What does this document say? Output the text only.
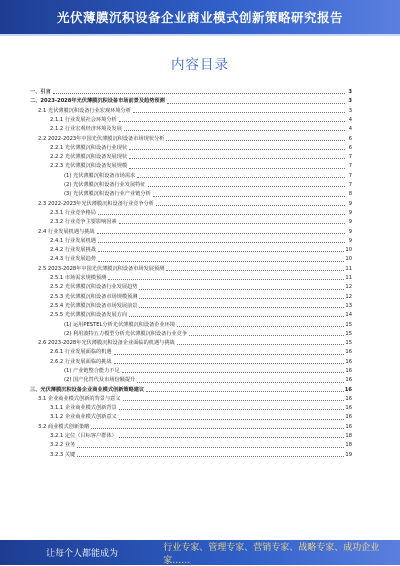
光伏薄膜沉积设备企业商业模式创新策略研究报告
内容目录
一、引言	3
二、2023-2028年光伏薄膜沉积设备市场前景及趋势预测	3
2.1 光伏薄膜沉积设备行业宏观环境分析	3
2.1.1 行业发展社会环境分析	4
2.1.2 行业宏观经济环境及发展	4
2.2 2022-2023年中国光伏薄膜沉积设备市场现状分析	6
2.2.1 光伏薄膜沉积设备行业现状	6
2.2.2 光伏薄膜沉积设备发展现状	7
2.2.3 光伏薄膜沉积设备发展规模	7
(1) 光伏薄膜沉积设备市场需求	7
(2) 光伏薄膜沉积设备行业发展特征	7
(3) 光伏薄膜沉积设备行业产业链分析	8
2.3 2022-2023年光伏薄膜沉积设备行业竞争分析	9
2.3.1 行业竞争格局	9
2.3.2 行业竞争主要影响因素	9
2.4 行业发展机遇与挑战	9
2.4.1 行业发展机遇	9
2.4.2 行业发展挑战	10
2.4.3 行业发展趋势	10
2.5 2023-2028年中国光伏薄膜沉积设备市场发展预测	11
2.5.1 市场需求规模预测	11
2.5.2 光伏薄膜沉积设备行业发展趋势	12
2.5.3 光伏薄膜沉积设备市场规模预测	12
2.5.4 光伏薄膜沉积设备市场发展前景	13
2.5.5 光伏薄膜沉积设备发展方向	14
(1) 运用PESTEL分析光伏薄膜沉积设备企业环境	15
(2) 利用波特五力模型分析光伏薄膜沉积设备行业竞争	15
2.6 2023-2028年光伏薄膜沉积设备企业面临的机遇与挑战	15
2.6.1 行业发展面临的机遇	16
2.6.2 行业发展面临的挑战	16
(1) 产业链整合能力不足	16
(2) 国产化替代及市场份额提升	16
三、光伏薄膜沉积设备企业商业模式创新策略建议	16
3.1 企业商业模式创新的背景与意义	16
3.1.1 企业商业模式创新背景	16
3.1.2 企业商业模式创新意义	16
3.2 商业模式创新策略	16
3.2.1 定位（目标客户群体）	18
3.2.2 业务	18
3.2.3 关键	19
让每个人都能成为
行业专家、管理专家、营销专家、战略专家、成功企业家……
